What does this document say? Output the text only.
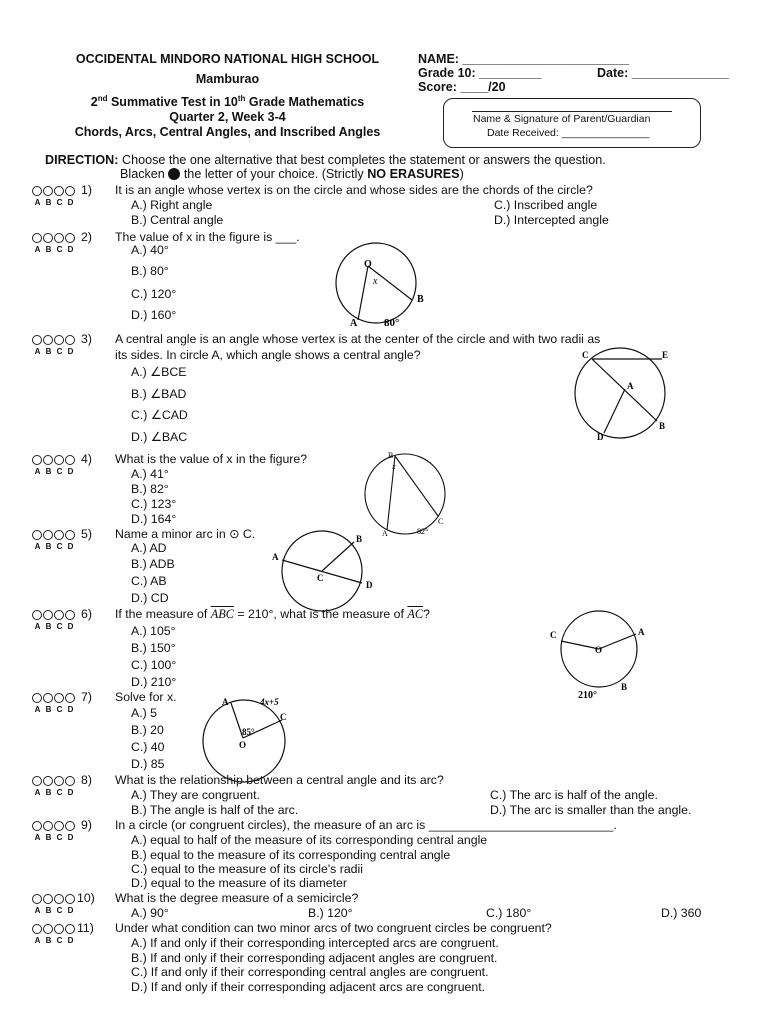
OCCIDENTAL MINDORO NATIONAL HIGH SCHOOL
Mamburao
2nd Summative Test in 10th Grade Mathematics
Quarter 2, Week 3-4
Chords, Arcs, Central Angles, and Inscribed Angles
NAME: ________________________
Grade 10: _________	Date: ______________
Score: ____/20
Name & Signature of Parent/Guardian
Date Received: _______________
DIRECTION: Choose the one alternative that best completes the statement or answers the question.
Blacken the letter of your choice. (Strictly NO ERASURES)
A B C D
1) It is an angle whose vertex is on the circle and whose sides are the chords of the circle?
A.) Right angle
B.) Central angle
C.) Inscribed angle
D.) Intercepted angle
A B C D
2) The value of x in the figure is ___.
A.) 40°
B.) 80°
C.) 120°
D.) 160°
A B C D
3) A central angle is an angle whose vertex is at the center of the circle and with two radii as
its sides. In circle A, which angle shows a central angle?
A.) ∠BCE
B.) ∠BAD
C.) ∠CAD
D.) ∠BAC
A B C D
4) What is the value of x in the figure?
A.) 41°
B.) 82°
C.) 123°
D.) 164°
A B C D
5) Name a minor arc in ⊙ C.
A.) AD
B.) ADB
C.) AB
D.) CD
A B C D
6) If the measure of $\overline{ABC} = 210^\circ$, what is the measure of $\overline{AC}$?
A.) 105°
B.) 150°
C.) 100°
D.) 210°
A B C D
7) Solve for x.
A.) 5
B.) 20
C.) 40
D.) 85
A B C D
8) What is the relationship between a central angle and its arc?
A.) They are congruent.
B.) The angle is half of the arc.
C.) The arc is half of the angle.
D.) The arc is smaller than the angle.
A B C D
9) In a circle (or congruent circles), the measure of an arc is ___________________________.
A.) equal to half of the measure of its corresponding central angle
B.) equal to the measure of its corresponding central angle
C.) equal to the measure of its circle's radii
D.) equal to the measure of its diameter
A B C D
10) What is the degree measure of a semicircle?
A.) 90°	B.) 120°	C.) 180°	D.) 360
A B C D
11) Under what condition can two minor arcs of two congruent circles be congruent?
A.) If and only if their corresponding intercepted arcs are congruent.
B.) If and only if their corresponding adjacent angles are congruent.
C.) If and only if their corresponding central angles are congruent.
D.) If and only if their corresponding adjacent arcs are congruent.
O
x
A
B
80°
C	E
A
D
B
B
x
A
C
82°
A
B
C
D
C
O
A
B
210°
A	4x+5
C
85°
O
